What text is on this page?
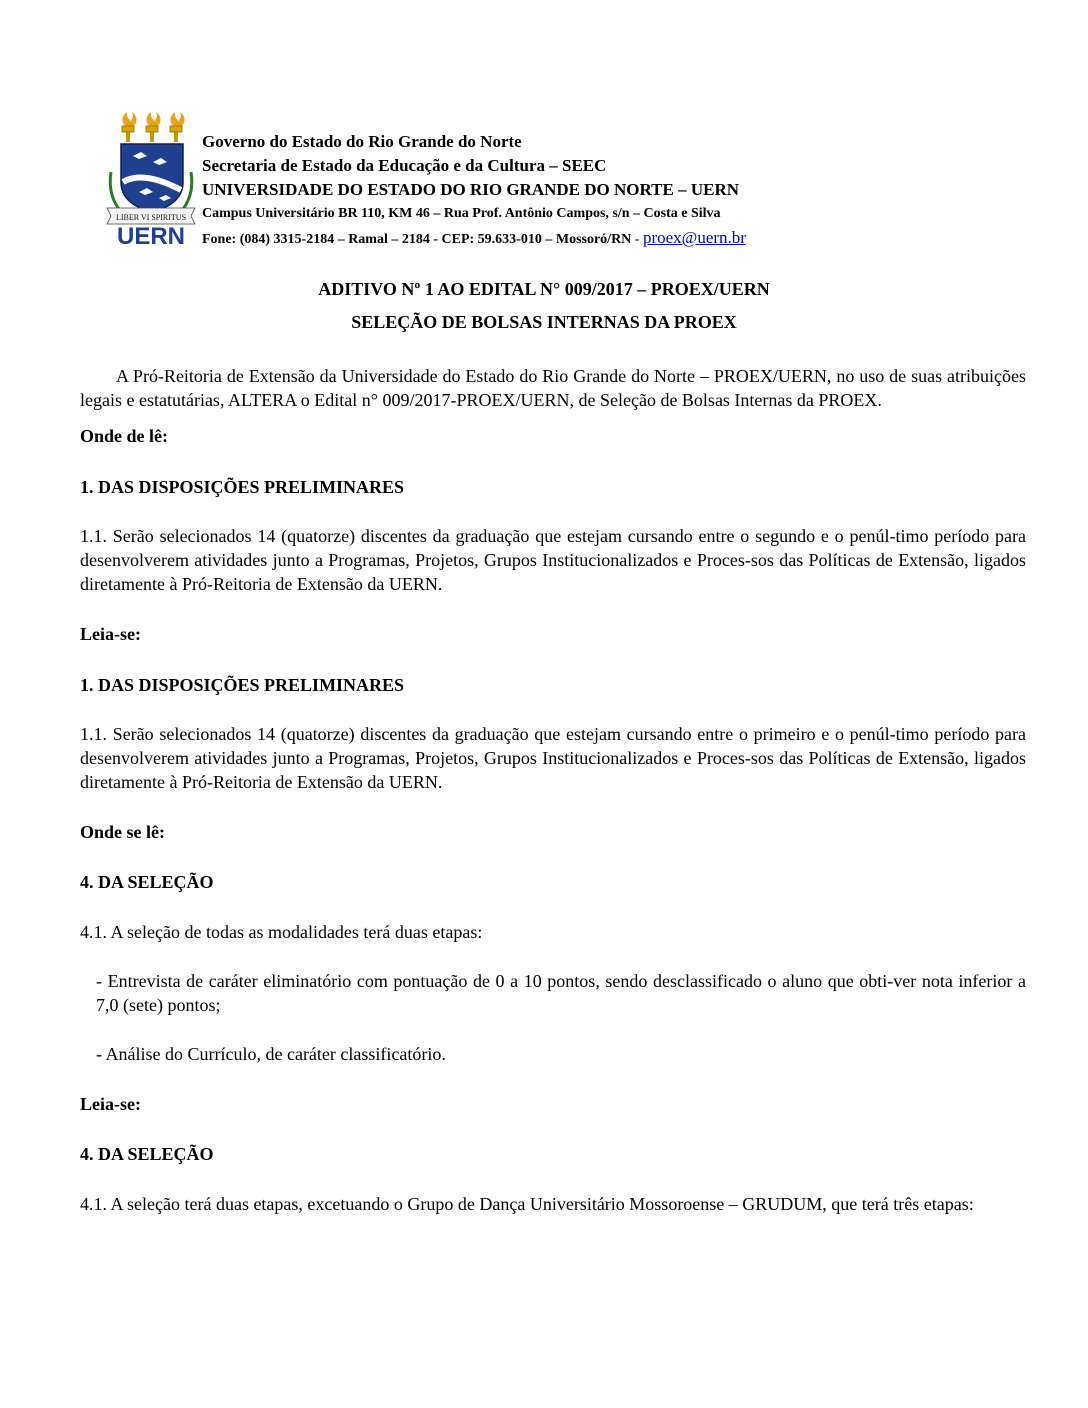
LIBER VI SPIRITUS
UERN
Governo do Estado do Rio Grande do Norte
Secretaria de Estado da Educação e da Cultura – SEEC
UNIVERSIDADE DO ESTADO DO RIO GRANDE DO NORTE – UERN
Campus Universitário BR 110, KM 46 – Rua Prof. Antônio Campos, s/n – Costa e Silva
Fone: (084) 3315-2184 – Ramal – 2184 - CEP: 59.633-010 – Mossoró/RN - proex@uern.br
ADITIVO Nº 1 AO EDITAL N° 009/2017 – PROEX/UERN
SELEÇÃO DE BOLSAS INTERNAS DA PROEX

A Pró-Reitoria de Extensão da Universidade do Estado do Rio Grande do Norte – PROEX/UERN, no uso de suas atribuições legais e estatutárias, ALTERA o Edital n° 009/2017-PROEX/UERN, de Seleção de Bolsas Internas da PROEX.

Onde de lê:

1. DAS DISPOSIÇÕES PRELIMINARES

1.1. Serão selecionados 14 (quatorze) discentes da graduação que estejam cursando entre o segundo e o penúl-timo período para desenvolverem atividades junto a Programas, Projetos, Grupos Institucionalizados e Proces-sos das Políticas de Extensão, ligados diretamente à Pró-Reitoria de Extensão da UERN.

Leia-se:

1. DAS DISPOSIÇÕES PRELIMINARES

1.1. Serão selecionados 14 (quatorze) discentes da graduação que estejam cursando entre o primeiro e o penúl-timo período para desenvolverem atividades junto a Programas, Projetos, Grupos Institucionalizados e Proces-sos das Políticas de Extensão, ligados diretamente à Pró-Reitoria de Extensão da UERN.

Onde se lê:

4. DA SELEÇÃO

4.1. A seleção de todas as modalidades terá duas etapas:

- Entrevista de caráter eliminatório com pontuação de 0 a 10 pontos, sendo desclassificado o aluno que obti-ver nota inferior a 7,0 (sete) pontos;

- Análise do Currículo, de caráter classificatório.

Leia-se:

4. DA SELEÇÃO

4.1. A seleção terá duas etapas, excetuando o Grupo de Dança Universitário Mossoroense – GRUDUM, que terá três etapas:
